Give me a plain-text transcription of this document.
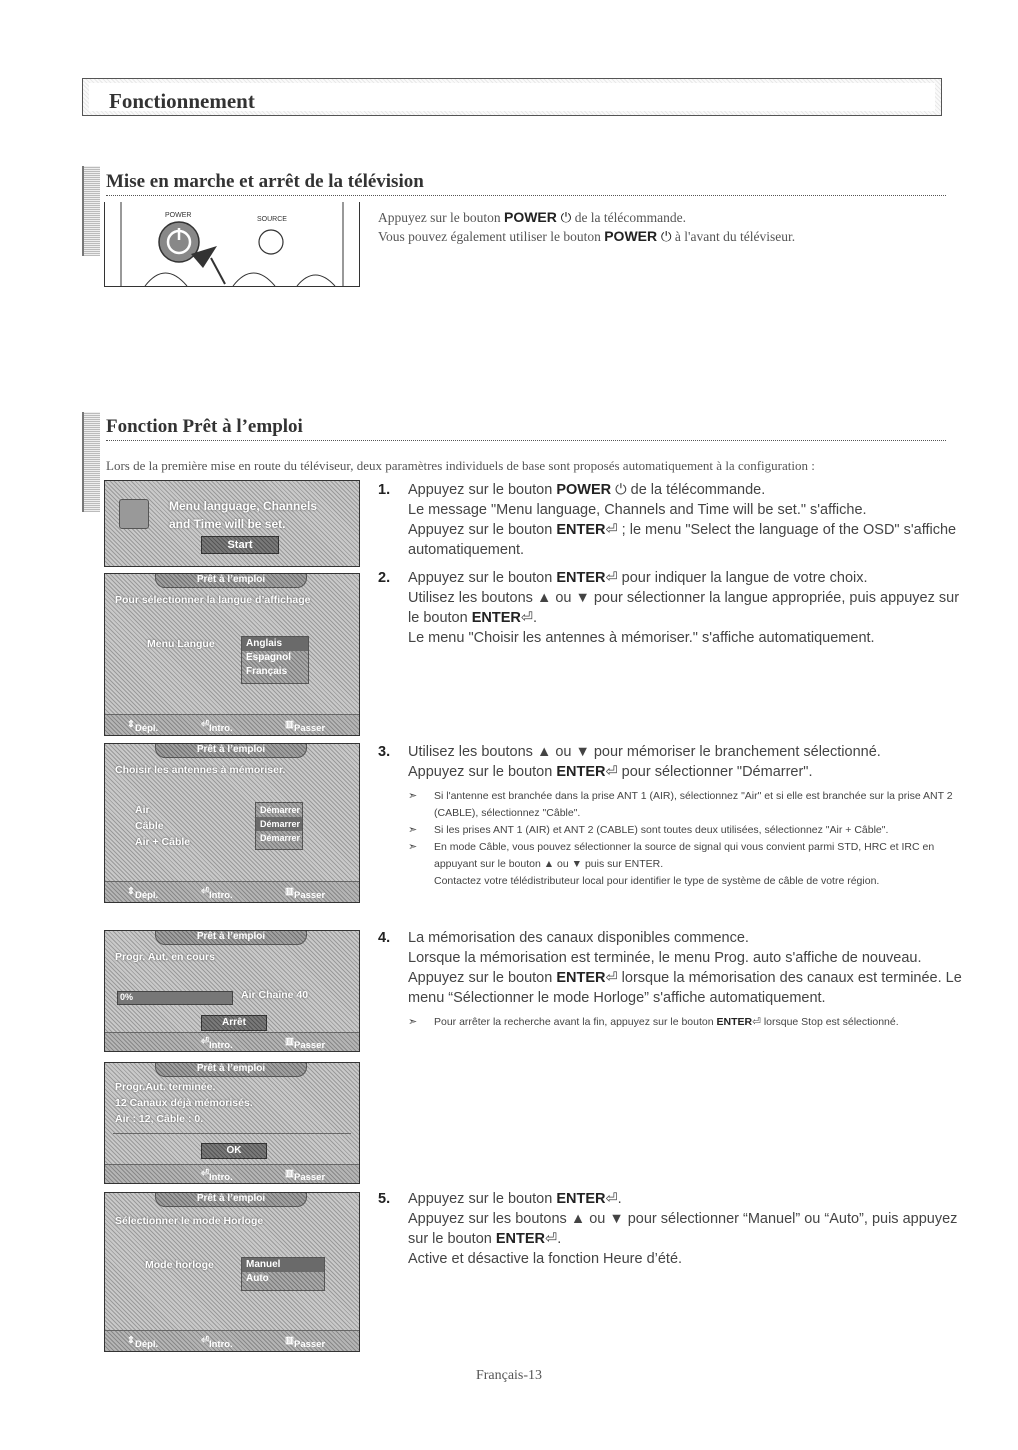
Fonctionnement
Mise en marche et arrêt de la télévision
POWER
SOURCE	Appuyez sur le bouton POWER ⏻ de la télécommande.
Vous pouvez également utiliser le bouton POWER ⏻ à l'avant du téléviseur.
Fonction Prêt à l’emploi
Lors de la première mise en route du téléviseur, deux paramètres individuels de base sont proposés automatiquement à la configuration :
Menu language, Channels
and Time will be set.
Start
Prêt à l’emploi
Pour sélectionner la langue d’affichage
Menu Langue	Anglais
Espagnol
Français
⇕ Dépl.	⏎ Intro.	▥ Passer
Prêt à l’emploi
Choisir les antennes à mémoriser.
Air
Câble
Air + Câble
Démarrer
Démarrer
Démarrer
⇕ Dépl.	⏎ Intro.	▥ Passer
Prêt à l’emploi
Progr. Aut. en cours
0%	Air Chaîne 40
Arrêt
⏎ Intro.	▥ Passer
Prêt à l’emploi
Progr.Aut. terminée.
12 Canaux déjà mémorisés.
Air : 12, Câble : 0.
OK
⏎ Intro.	▥ Passer
Prêt à l’emploi
Sélectionner le mode Horloge
Mode horloge	Manuel
Auto
⇕ Dépl.	⏎ Intro.	▥ Passer
1. Appuyez sur le bouton POWER ⏻ de la télécommande.
Le message "Menu language, Channels and Time will be set." s'affiche.
Appuyez sur le bouton ENTER⏎ ; le menu "Select the language of the OSD" s'affiche automatiquement.
2. Appuyez sur le bouton ENTER⏎ pour indiquer la langue de votre choix.
Utilisez les boutons ▲ ou ▼ pour sélectionner la langue appropriée, puis appuyez sur le bouton ENTER⏎.
Le menu "Choisir les antennes à mémoriser." s'affiche automatiquement.
3. Utilisez les boutons ▲ ou ▼ pour mémoriser le branchement sélectionné.
Appuyez sur le bouton ENTER⏎ pour sélectionner "Démarrer".
➣ Si l'antenne est branchée dans la prise ANT 1 (AIR), sélectionnez "Air" et si elle est branchée sur la prise ANT 2 (CABLE), sélectionnez "Câble".
➣ Si les prises ANT 1 (AIR) et ANT 2 (CABLE) sont toutes deux utilisées, sélectionnez "Air + Câble".
➣ En mode Câble, vous pouvez sélectionner la source de signal qui vous convient parmi STD, HRC et IRC en appuyant sur le bouton ▲ ou ▼ puis sur ENTER.
Contactez votre télédistributeur local pour identifier le type de système de câble de votre région.
4. La mémorisation des canaux disponibles commence.
Lorsque la mémorisation est terminée, le menu Prog. auto s'affiche de nouveau.
Appuyez sur le bouton ENTER⏎ lorsque la mémorisation des canaux est terminée. Le menu “Sélectionner le mode Horloge” s'affiche automatiquement.
➣ Pour arrêter la recherche avant la fin, appuyez sur le bouton ENTER⏎ lorsque Stop est sélectionné.
5. Appuyez sur le bouton ENTER⏎.
Appuyez sur les boutons ▲ ou ▼ pour sélectionner “Manuel” ou “Auto”, puis appuyez sur le bouton ENTER⏎.
Active et désactive la fonction Heure d’été.
Français-13
